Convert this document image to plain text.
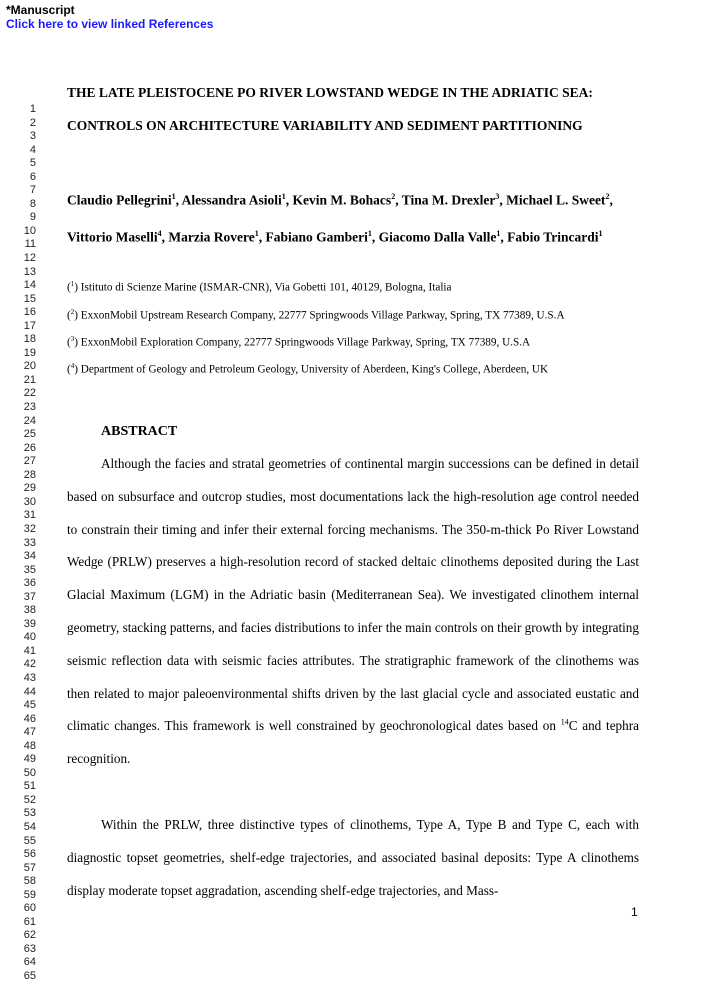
*Manuscript
Click here to view linked References
1
2
3
4
5
6
7
8
9
10
11
12
13
14
15
16
17
18
19
20
21
22
23
24
25
26
27
28
29
30
31
32
33
34
35
36
37
38
39
40
41
42
43
44
45
46
47
48
49
50
51
52
53
54
55
56
57
58
59
60
61
62
63
64
65
THE LATE PLEISTOCENE PO RIVER LOWSTAND WEDGE IN THE ADRIATIC SEA:
CONTROLS ON ARCHITECTURE VARIABILITY AND SEDIMENT PARTITIONING
Claudio Pellegrini$^1$, Alessandra Asioli$^1$, Kevin M. Bohacs$^2$, Tina M. Drexler$^3$, Michael L. Sweet$^2$, Vittorio Maselli$^4$, Marzia Rovere$^1$, Fabiano Gamberi$^1$, Giacomo Dalla Valle$^1$, Fabio Trincardi$^1$
($^1$) Istituto di Scienze Marine (ISMAR-CNR), Via Gobetti 101, 40129, Bologna, Italia
($^2$) ExxonMobil Upstream Research Company, 22777 Springwoods Village Parkway, Spring, TX 77389, U.S.A
($^3$) ExxonMobil Exploration Company, 22777 Springwoods Village Parkway, Spring, TX 77389, U.S.A
($^4$) Department of Geology and Petroleum Geology, University of Aberdeen, King's College, Aberdeen, UK
ABSTRACT

Although the facies and stratal geometries of continental margin successions can be defined in detail based on subsurface and outcrop studies, most documentations lack the high-resolution age control needed to constrain their timing and infer their external forcing mechanisms. The 350-m-thick Po River Lowstand Wedge (PRLW) preserves a high-resolution record of stacked deltaic clinothems deposited during the Last Glacial Maximum (LGM) in the Adriatic basin (Mediterranean Sea). We investigated clinothem internal geometry, stacking patterns, and facies distributions to infer the main controls on their growth by integrating seismic reflection data with seismic facies attributes. The stratigraphic framework of the clinothems was then related to major paleoenvironmental shifts driven by the last glacial cycle and associated eustatic and climatic changes. This framework is well constrained by geochronological dates based on $^{14}$C and tephra recognition.

Within the PRLW, three distinctive types of clinothems, Type A, Type B and Type C, each with diagnostic topset geometries, shelf-edge trajectories, and associated basinal deposits: Type A clinothems display moderate topset aggradation, ascending shelf-edge trajectories, and Mass-

1
